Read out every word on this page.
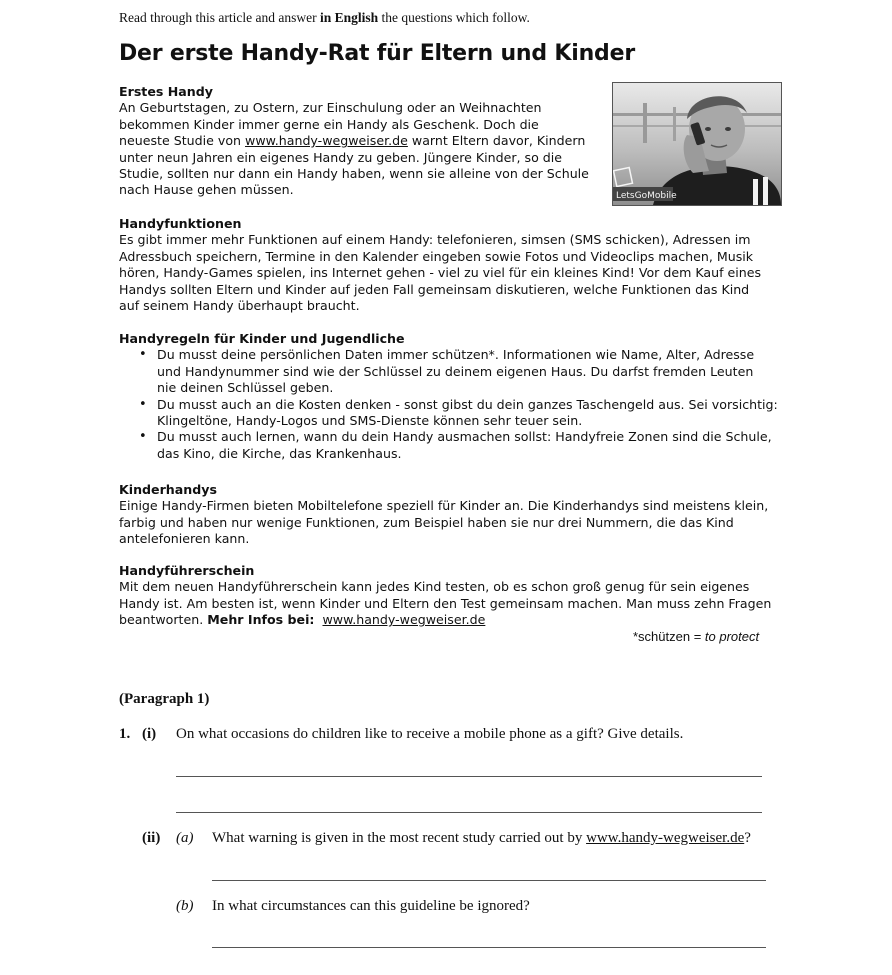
Read through this article and answer in English the questions which follow.
Der erste Handy-Rat für Eltern und Kinder
LetsGoMobile
Erstes Handy

An Geburtstagen, zu Ostern, zur Einschulung oder an Weihnachten
bekommen Kinder immer gerne ein Handy als Geschenk. Doch die
neueste Studie von www.handy-wegweiser.de warnt Eltern davor, Kindern
unter neun Jahren ein eigenes Handy zu geben. Jüngere Kinder, so die
Studie, sollten nur dann ein Handy haben, wenn sie alleine von der Schule
nach Hause gehen müssen.

Handyfunktionen

Es gibt immer mehr Funktionen auf einem Handy: telefonieren, simsen (SMS schicken), Adressen im
Adressbuch speichern, Termine in den Kalender eingeben sowie Fotos und Videoclips machen, Musik
hören, Handy-Games spielen, ins Internet gehen - viel zu viel für ein kleines Kind! Vor dem Kauf eines
Handys sollten Eltern und Kinder auf jeden Fall gemeinsam diskutieren, welche Funktionen das Kind
auf seinem Handy überhaupt braucht.

Handyregeln für Kinder und Jugendliche
• Du musst deine persönlichen Daten immer schützen*. Informationen wie Name, Alter, Adresse
und Handynummer sind wie der Schlüssel zu deinem eigenen Haus. Du darfst fremden Leuten
nie deinen Schlüssel geben.
• Du musst auch an die Kosten denken - sonst gibst du dein ganzes Taschengeld aus. Sei vorsichtig:
Klingeltöne, Handy-Logos und SMS-Dienste können sehr teuer sein.
• Du musst auch lernen, wann du dein Handy ausmachen sollst: Handyfreie Zonen sind die Schule,
das Kino, die Kirche, das Krankenhaus.
Kinderhandys

Einige Handy-Firmen bieten Mobiltelefone speziell für Kinder an. Die Kinderhandys sind meistens klein,
farbig und haben nur wenige Funktionen, zum Beispiel haben sie nur drei Nummern, die das Kind
antelefonieren kann.

Handyführerschein

Mit dem neuen Handyführerschein kann jedes Kind testen, ob es schon groß genug für sein eigenes
Handy ist. Am besten ist, wenn Kinder und Eltern den Test gemeinsam machen. Man muss zehn Fragen
beantworten. Mehr Infos bei: www.handy-wegweiser.de

*schützen = to protect
(Paragraph 1)
1. (i) On what occasions do children like to receive a mobile phone as a gift? Give details.
(ii) (a) What warning is given in the most recent study carried out by www.handy-wegweiser.de?
(b) In what circumstances can this guideline be ignored?
